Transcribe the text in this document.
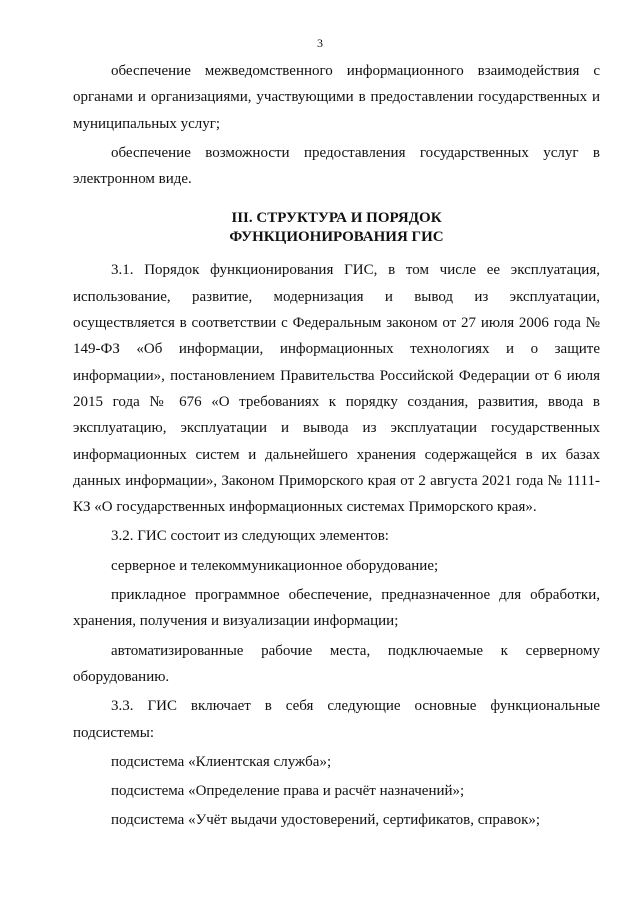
3

обеспечение межведомственного информационного взаимодействия с органами и организациями, участвующими в предоставлении государственных и муниципальных услуг;

обеспечение возможности предоставления государственных услуг в электронном виде.

III. СТРУКТУРА И ПОРЯДОК
ФУНКЦИОНИРОВАНИЯ ГИС

3.1. Порядок функционирования ГИС, в том числе ее эксплуатация, использование, развитие, модернизация и вывод из эксплуатации, осуществляется в соответствии с Федеральным законом от 27 июля 2006 года № 149-ФЗ «Об информации, информационных технологиях и о защите информации», постановлением Правительства Российской Федерации от 6 июля 2015 года № 676 «О требованиях к порядку создания, развития, ввода в эксплуатацию, эксплуатации и вывода из эксплуатации государственных информационных систем и дальнейшего хранения содержащейся в их базах данных информации», Законом Приморского края от 2 августа 2021 года № 1111-КЗ «О государственных информационных системах Приморского края».

3.2. ГИС состоит из следующих элементов:

серверное и телекоммуникационное оборудование;

прикладное программное обеспечение, предназначенное для обработки, хранения, получения и визуализации информации;

автоматизированные рабочие места, подключаемые к серверному оборудованию.

3.3. ГИС включает в себя следующие основные функциональные подсистемы:

подсистема «Клиентская служба»;

подсистема «Определение права и расчёт назначений»;

подсистема «Учёт выдачи удостоверений, сертификатов, справок»;
